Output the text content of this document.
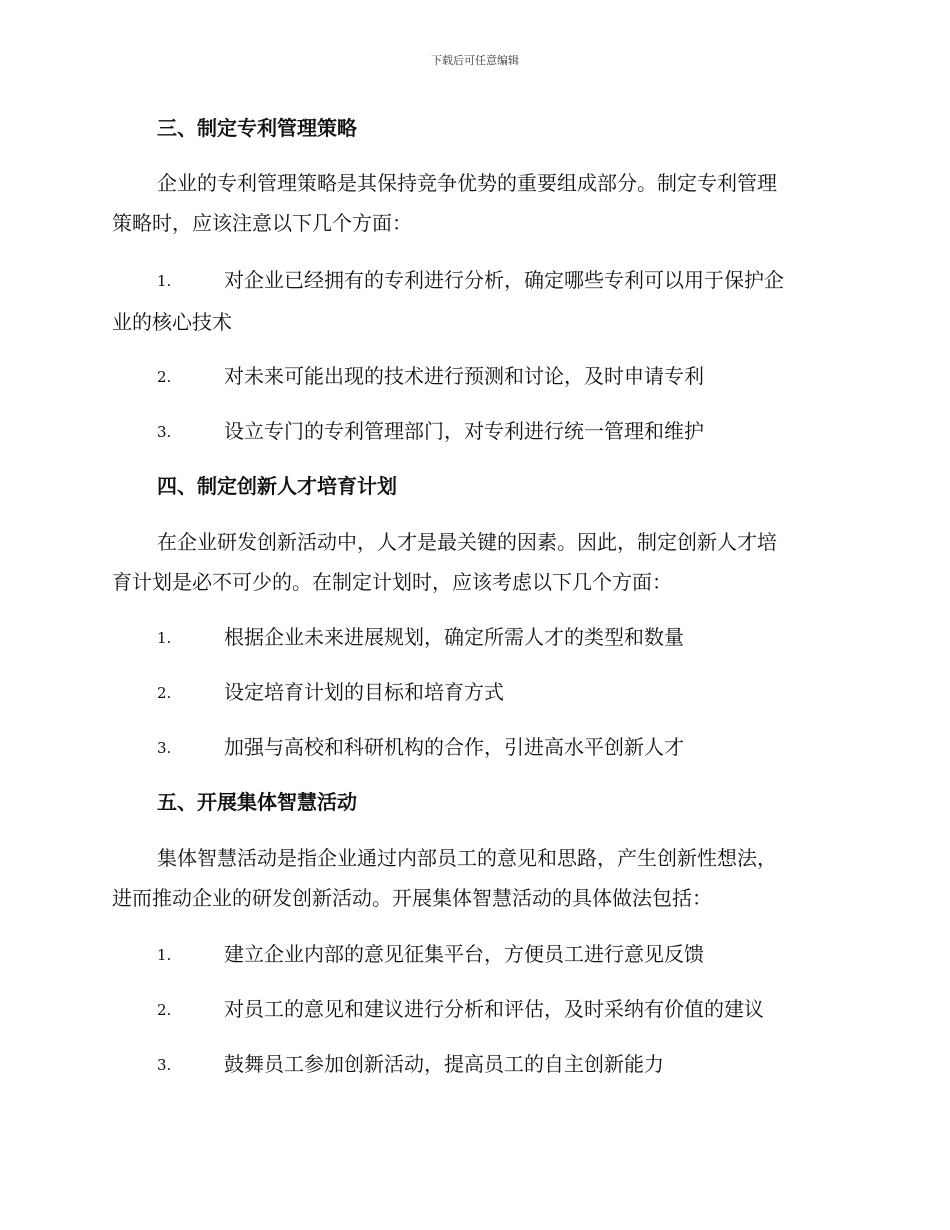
下载后可任意编辑
三、制定专利管理策略
企业的专利管理策略是其保持竞争优势的重要组成部分。制定专利管理
策略时，应该注意以下几个方面：
1.	对企业已经拥有的专利进行分析，确定哪些专利可以用于保护企
业的核心技术
2.	对未来可能出现的技术进行预测和讨论，及时申请专利
3.	设立专门的专利管理部门，对专利进行统一管理和维护
四、制定创新人才培育计划
在企业研发创新活动中，人才是最关键的因素。因此，制定创新人才培
育计划是必不可少的。在制定计划时，应该考虑以下几个方面：
1.	根据企业未来进展规划，确定所需人才的类型和数量
2.	设定培育计划的目标和培育方式
3.	加强与高校和科研机构的合作，引进高水平创新人才
五、开展集体智慧活动
集体智慧活动是指企业通过内部员工的意见和思路，产生创新性想法，
进而推动企业的研发创新活动。开展集体智慧活动的具体做法包括：
1.	建立企业内部的意见征集平台，方便员工进行意见反馈
2.	对员工的意见和建议进行分析和评估，及时采纳有价值的建议
3.	鼓舞员工参加创新活动，提高员工的自主创新能力
